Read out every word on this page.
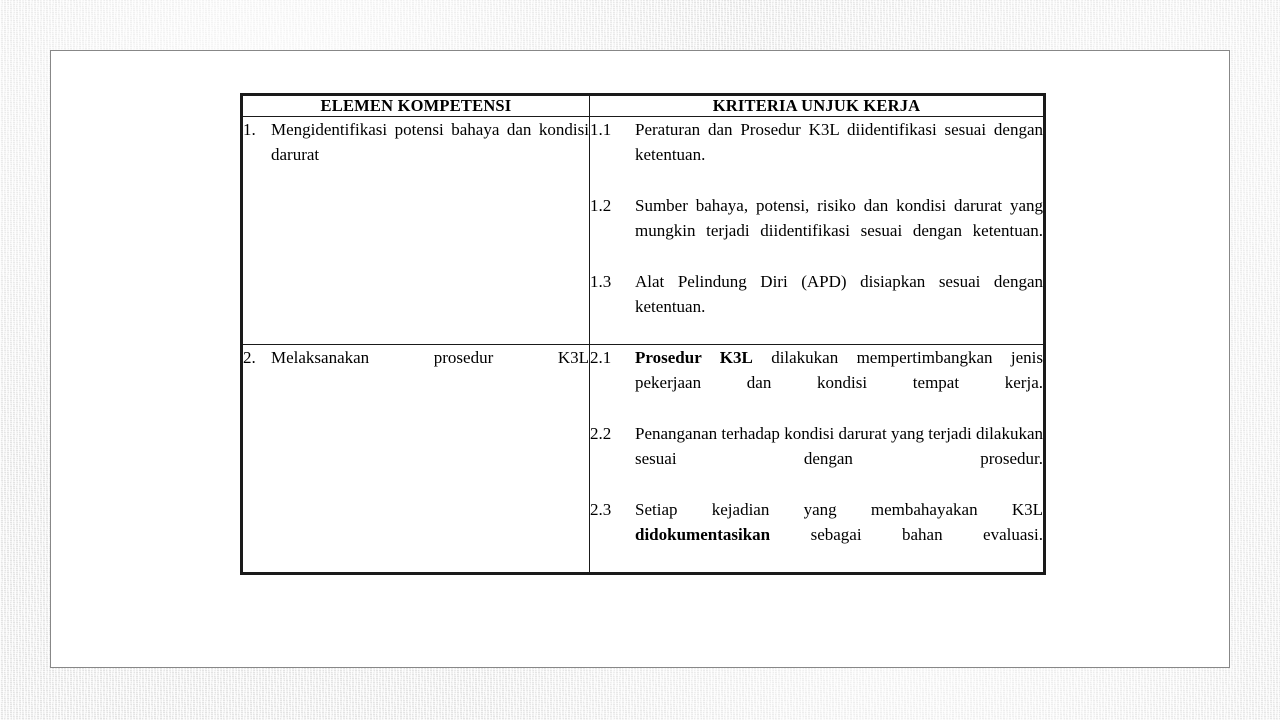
ELEMEN KOMPETENSI	KRITERIA UNJUK KERJA

1. Mengidentifikasi potensi bahaya dan kondisi darurat

1.1	Peraturan dan Prosedur K3L diidentifikasi sesuai dengan ketentuan.
1.2	Sumber bahaya, potensi, risiko dan kondisi darurat yang mungkin terjadi diidentifikasi sesuai dengan ketentuan.
1.3	Alat Pelindung Diri (APD) disiapkan sesuai dengan ketentuan.

2. Melaksanakan prosedur K3L	2.1	Prosedur K3L dilakukan mempertimbangkan jenis pekerjaan dan kondisi tempat kerja.
2.2	Penanganan terhadap kondisi darurat yang terjadi dilakukan sesuai dengan prosedur.
2.3	Setiap kejadian yang membahayakan K3L didokumentasikan sebagai bahan evaluasi.
